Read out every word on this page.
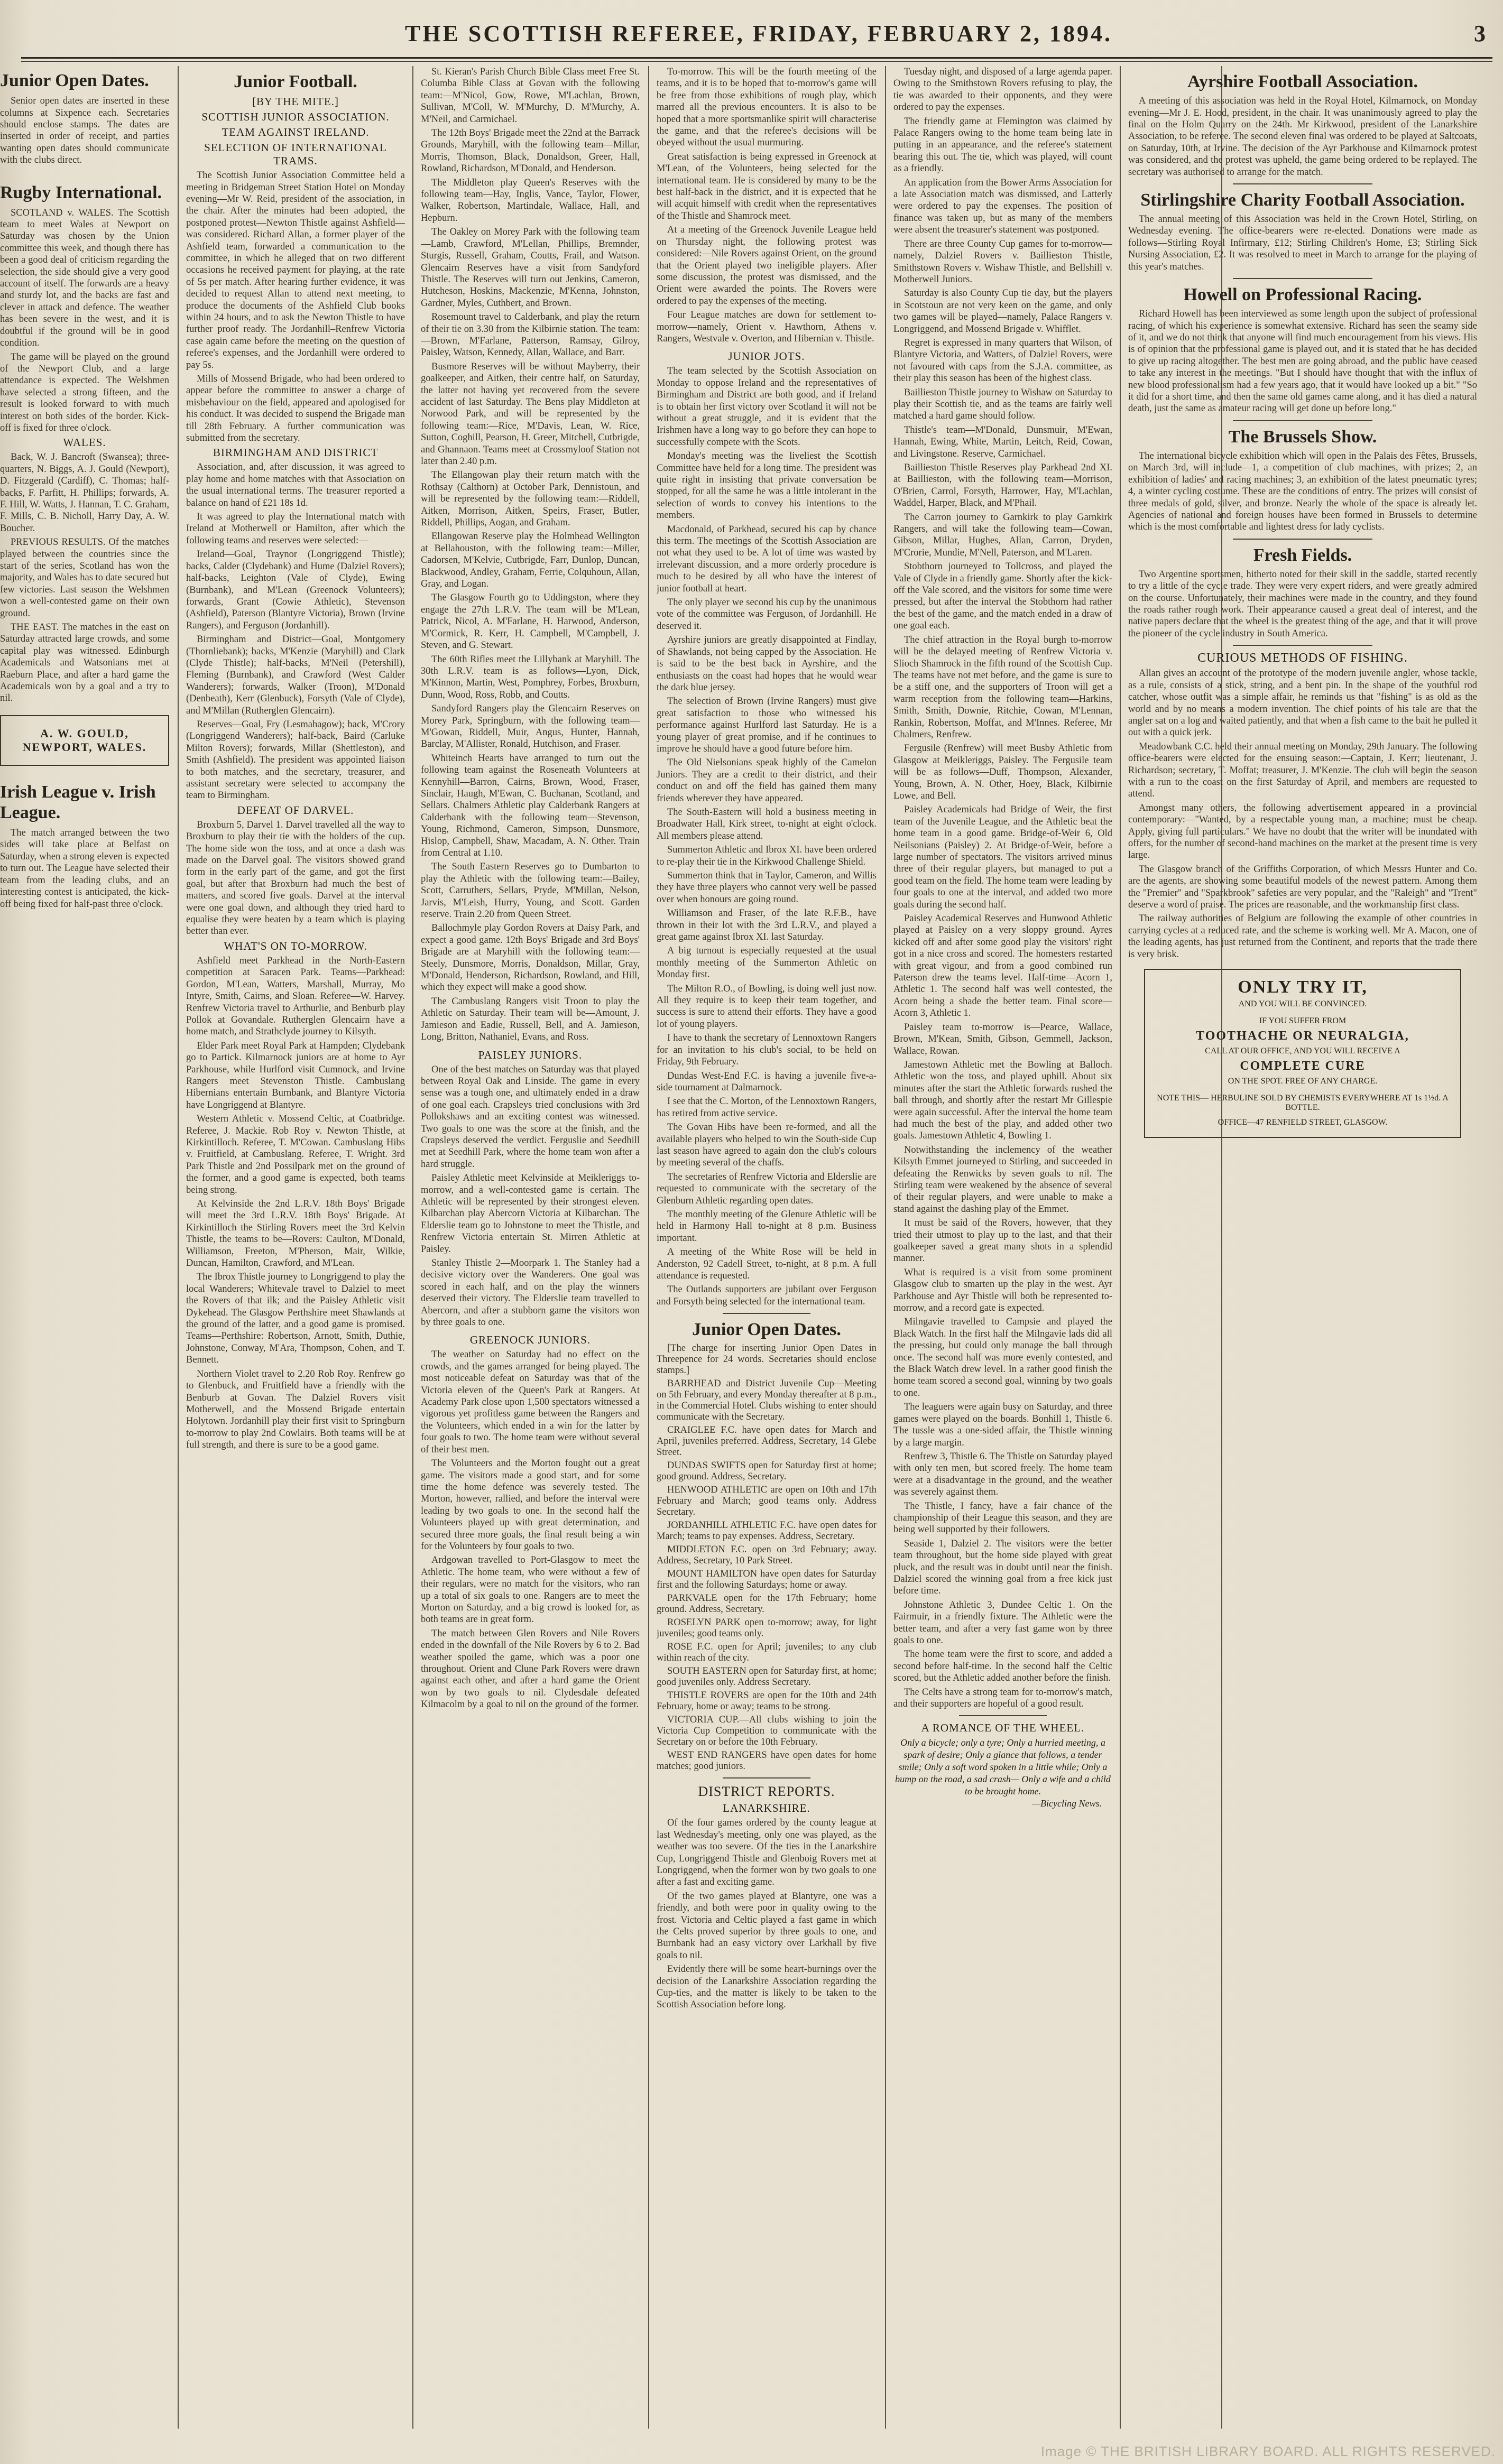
THE SCOTTISH REFEREE, FRIDAY, FEBRUARY 2, 1894.	3
Junior Open Dates.

Senior open dates are inserted in these columns at Sixpence each. Secretaries should enclose stamps. The dates are inserted in order of receipt, and parties wanting open dates should communicate with the clubs direct.

Rugby International.

SCOTLAND v. WALES. The Scottish team to meet Wales at Newport on Saturday was chosen by the Union committee this week, and though there has been a good deal of criticism regarding the selection, the side should give a very good account of itself. The forwards are a heavy and sturdy lot, and the backs are fast and clever in attack and defence. The weather has been severe in the west, and it is doubtful if the ground will be in good condition.

The game will be played on the ground of the Newport Club, and a large attendance is expected. The Welshmen have selected a strong fifteen, and the result is looked forward to with much interest on both sides of the border. Kick-off is fixed for three o'clock.

WALES.

Back, W. J. Bancroft (Swansea); three-quarters, N. Biggs, A. J. Gould (Newport), D. Fitzgerald (Cardiff), C. Thomas; half-backs, F. Parfitt, H. Phillips; forwards, A. F. Hill, W. Watts, J. Hannan, T. C. Graham, F. Mills, C. B. Nicholl, Harry Day, A. W. Boucher.

PREVIOUS RESULTS. Of the matches played between the countries since the start of the series, Scotland has won the majority, and Wales has to date secured but few victories. Last season the Welshmen won a well-contested game on their own ground.

THE EAST. The matches in the east on Saturday attracted large crowds, and some capital play was witnessed. Edinburgh Academicals and Watsonians met at Raeburn Place, and after a hard game the Academicals won by a goal and a try to nil.

A. W. GOULD, NEWPORT, WALES.
Irish League v. Irish League.

The match arranged between the two sides will take place at Belfast on Saturday, when a strong eleven is expected to turn out. The League have selected their team from the leading clubs, and an interesting contest is anticipated, the kick-off being fixed for half-past three o'clock.

Junior Football.
[BY THE MITE.]
SCOTTISH JUNIOR ASSOCIATION.
TEAM AGAINST IRELAND.
SELECTION OF INTERNATIONAL TRAMS.

The Scottish Junior Association Committee held a meeting in Bridgeman Street Station Hotel on Monday evening—Mr W. Reid, president of the association, in the chair. After the minutes had been adopted, the postponed protest—Newton Thistle against Ashfield—was considered. Richard Allan, a former player of the Ashfield team, forwarded a communication to the committee, in which he alleged that on two different occasions he received payment for playing, at the rate of 5s per match. After hearing further evidence, it was decided to request Allan to attend next meeting, to produce the documents of the Ashfield Club books within 24 hours, and to ask the Newton Thistle to have further proof ready. The Jordanhill–Renfrew Victoria case again came before the meeting on the question of referee's expenses, and the Jordanhill were ordered to pay 5s.

Mills of Mossend Brigade, who had been ordered to appear before the committee to answer a charge of misbehaviour on the field, appeared and apologised for his conduct. It was decided to suspend the Brigade man till 28th February. A further communication was submitted from the secretary.

BIRMINGHAM AND DISTRICT

Association, and, after discussion, it was agreed to play home and home matches with that Association on the usual international terms. The treasurer reported a balance on hand of £21 18s 1d.

It was agreed to play the International match with Ireland at Motherwell or Hamilton, after which the following teams and reserves were selected:—

Ireland—Goal, Traynor (Longriggend Thistle); backs, Calder (Clydebank) and Hume (Dalziel Rovers); half-backs, Leighton (Vale of Clyde), Ewing (Burnbank), and M'Lean (Greenock Volunteers); forwards, Grant (Cowie Athletic), Stevenson (Ashfield), Paterson (Blantyre Victoria), Brown (Irvine Rangers), and Ferguson (Jordanhill).

Birmingham and District—Goal, Montgomery (Thornliebank); backs, M'Kenzie (Maryhill) and Clark (Clyde Thistle); half-backs, M'Neil (Petershill), Fleming (Burnbank), and Crawford (West Calder Wanderers); forwards, Walker (Troon), M'Donald (Denbeath), Kerr (Glenbuck), Forsyth (Vale of Clyde), and M'Millan (Rutherglen Glencairn).

Reserves—Goal, Fry (Lesmahagow); back, M'Crory (Longriggend Wanderers); half-back, Baird (Carluke Milton Rovers); forwards, Millar (Shettleston), and Smith (Ashfield). The president was appointed liaison to both matches, and the secretary, treasurer, and assistant secretary were selected to accompany the team to Birmingham.

DEFEAT OF DARVEL.

Broxburn 5, Darvel 1. Darvel travelled all the way to Broxburn to play their tie with the holders of the cup. The home side won the toss, and at once a dash was made on the Darvel goal. The visitors showed grand form in the early part of the game, and got the first goal, but after that Broxburn had much the best of matters, and scored five goals. Darvel at the interval were one goal down, and although they tried hard to equalise they were beaten by a team which is playing better than ever.

WHAT'S ON TO-MORROW.

Ashfield meet Parkhead in the North-Eastern competition at Saracen Park. Teams—Parkhead: Gordon, M'Lean, Watters, Marshall, Murray, Mo Intyre, Smith, Cairns, and Sloan. Referee—W. Harvey. Renfrew Victoria travel to Arthurlie, and Benburb play Pollok at Govandale. Rutherglen Glencairn have a home match, and Strathclyde journey to Kilsyth.

Elder Park meet Royal Park at Hampden; Clydebank go to Partick. Kilmarnock juniors are at home to Ayr Parkhouse, while Hurlford visit Cumnock, and Irvine Rangers meet Stevenston Thistle. Cambuslang Hibernians entertain Burnbank, and Blantyre Victoria have Longriggend at Blantyre.

Western Athletic v. Mossend Celtic, at Coatbridge. Referee, J. Mackie. Rob Roy v. Newton Thistle, at Kirkintilloch. Referee, T. M'Cowan. Cambuslang Hibs v. Fruitfield, at Cambuslang. Referee, T. Wright. 3rd Park Thistle and 2nd Possilpark met on the ground of the former, and a good game is expected, both teams being strong.

At Kelvinside the 2nd L.R.V. 18th Boys' Brigade will meet the 3rd L.R.V. 18th Boys' Brigade. At Kirkintilloch the Stirling Rovers meet the 3rd Kelvin Thistle, the teams to be—Rovers: Caulton, M'Donald, Williamson, Freeton, M'Pherson, Mair, Wilkie, Duncan, Hamilton, Crawford, and M'Lean.

The Ibrox Thistle journey to Longriggend to play the local Wanderers; Whitevale travel to Dalziel to meet the Rovers of that ilk; and the Paisley Athletic visit Dykehead. The Glasgow Perthshire meet Shawlands at the ground of the latter, and a good game is promised. Teams—Perthshire: Robertson, Arnott, Smith, Duthie, Johnstone, Conway, M'Ara, Thompson, Cohen, and T. Bennett.

Northern Violet travel to 2.20 Rob Roy. Renfrew go to Glenbuck, and Fruitfield have a friendly with the Benburb at Govan. The Dalziel Rovers visit Motherwell, and the Mossend Brigade entertain Holytown. Jordanhill play their first visit to Springburn to-morrow to play 2nd Cowlairs. Both teams will be at full strength, and there is sure to be a good game.

St. Kieran's Parish Church Bible Class meet Free St. Columba Bible Class at Govan with the following team:—M'Nicol, Gow, Rowe, M'Lachlan, Brown, Sullivan, M'Coll, W. M'Murchy, D. M'Murchy, A. M'Neil, and Carmichael.

The 12th Boys' Brigade meet the 22nd at the Barrack Grounds, Maryhill, with the following team—Millar, Morris, Thomson, Black, Donaldson, Greer, Hall, Rowland, Richardson, M'Donald, and Henderson.

The Middleton play Queen's Reserves with the following team—Hay, Inglis, Vance, Taylor, Flower, Walker, Robertson, Martindale, Wallace, Hall, and Hepburn.

The Oakley on Morey Park with the following team—Lamb, Crawford, M'Lellan, Phillips, Bremnder, Sturgis, Russell, Graham, Coutts, Frail, and Watson. Glencairn Reserves have a visit from Sandyford Thistle. The Reserves will turn out Jenkins, Cameron, Hutcheson, Hoskins, Mackenzie, M'Kenna, Johnston, Gardner, Myles, Cuthbert, and Brown.

Rosemount travel to Calderbank, and play the return of their tie on 3.30 from the Kilbirnie station. The team:—Brown, M'Farlane, Patterson, Ramsay, Gilroy, Paisley, Watson, Kennedy, Allan, Wallace, and Barr.

Busmore Reserves will be without Mayberry, their goalkeeper, and Aitken, their centre half, on Saturday, the latter not having yet recovered from the severe accident of last Saturday. The Bens play Middleton at Norwood Park, and will be represented by the following team:—Rice, M'Davis, Lean, W. Rice, Sutton, Coghill, Pearson, H. Greer, Mitchell, Cutbrigde, and Ghannaon. Teams meet at Crossmyloof Station not later than 2.40 p.m.

The Ellangowan play their return match with the Rothsay (Calthorn) at October Park, Dennistoun, and will be represented by the following team:—Riddell, Aitken, Morrison, Aitken, Speirs, Fraser, Butler, Riddell, Phillips, Aogan, and Graham.

Ellangowan Reserve play the Holmhead Wellington at Bellahouston, with the following team:—Miller, Cadorsen, M'Kelvie, Cutbrigde, Farr, Dunlop, Duncan, Blackwood, Andley, Graham, Ferrie, Colquhoun, Allan, Gray, and Logan.

The Glasgow Fourth go to Uddingston, where they engage the 27th L.R.V. The team will be M'Lean, Patrick, Nicol, A. M'Farlane, H. Harwood, Anderson, M'Cormick, R. Kerr, H. Campbell, M'Campbell, J. Steven, and G. Stewart.

The 60th Rifles meet the Lillybank at Maryhill. The 30th L.R.V. team is as follows—Lyon, Dick, M'Kinnon, Martin, West, Pomphrey, Forbes, Broxburn, Dunn, Wood, Ross, Robb, and Coutts.

Sandyford Rangers play the Glencairn Reserves on Morey Park, Springburn, with the following team—M'Gowan, Riddell, Muir, Angus, Hunter, Hannah, Barclay, M'Allister, Ronald, Hutchison, and Fraser.

Whiteinch Hearts have arranged to turn out the following team against the Roseneath Volunteers at Kennyhill—Barron, Cairns, Brown, Wood, Fraser, Sinclair, Haugh, M'Ewan, C. Buchanan, Scotland, and Sellars. Chalmers Athletic play Calderbank Rangers at Calderbank with the following team—Stevenson, Young, Richmond, Cameron, Simpson, Dunsmore, Hislop, Campbell, Shaw, Macadam, A. N. Other. Train from Central at 1.10.

The South Eastern Reserves go to Dumbarton to play the Athletic with the following team:—Bailey, Scott, Carruthers, Sellars, Pryde, M'Millan, Nelson, Jarvis, M'Leish, Hurry, Young, and Scott. Garden reserve. Train 2.20 from Queen Street.

Ballochmyle play Gordon Rovers at Daisy Park, and expect a good game. 12th Boys' Brigade and 3rd Boys' Brigade are at Maryhill with the following team:—Steely, Dunsmore, Morris, Donaldson, Millar, Gray, M'Donald, Henderson, Richardson, Rowland, and Hill, which they expect will make a good show.

The Cambuslang Rangers visit Troon to play the Athletic on Saturday. Their team will be—Amount, J. Jamieson and Eadie, Russell, Bell, and A. Jamieson, Long, Britton, Nathaniel, Evans, and Ross.

PAISLEY JUNIORS.

One of the best matches on Saturday was that played between Royal Oak and Linside. The game in every sense was a tough one, and ultimately ended in a draw of one goal each. Crapsleys tried conclusions with 3rd Pollokshaws and an exciting contest was witnessed. Two goals to one was the score at the finish, and the Crapsleys deserved the verdict. Ferguslie and Seedhill met at Seedhill Park, where the home team won after a hard struggle.

Paisley Athletic meet Kelvinside at Meikleriggs to-morrow, and a well-contested game is certain. The Athletic will be represented by their strongest eleven. Kilbarchan play Abercorn Victoria at Kilbarchan. The Elderslie team go to Johnstone to meet the Thistle, and Renfrew Victoria entertain St. Mirren Athletic at Paisley.

Stanley Thistle 2—Moorpark 1. The Stanley had a decisive victory over the Wanderers. One goal was scored in each half, and on the play the winners deserved their victory. The Elderslie team travelled to Abercorn, and after a stubborn game the visitors won by three goals to one.

GREENOCK JUNIORS.

The weather on Saturday had no effect on the crowds, and the games arranged for being played. The most noticeable defeat on Saturday was that of the Victoria eleven of the Queen's Park at Rangers. At Academy Park close upon 1,500 spectators witnessed a vigorous yet profitless game between the Rangers and the Volunteers, which ended in a win for the latter by four goals to two. The home team were without several of their best men.

The Volunteers and the Morton fought out a great game. The visitors made a good start, and for some time the home defence was severely tested. The Morton, however, rallied, and before the interval were leading by two goals to one. In the second half the Volunteers played up with great determination, and secured three more goals, the final result being a win for the Volunteers by four goals to two.

Ardgowan travelled to Port-Glasgow to meet the Athletic. The home team, who were without a few of their regulars, were no match for the visitors, who ran up a total of six goals to one. Rangers are to meet the Morton on Saturday, and a big crowd is looked for, as both teams are in great form.

The match between Glen Rovers and Nile Rovers ended in the downfall of the Nile Rovers by 6 to 2. Bad weather spoiled the game, which was a poor one throughout. Orient and Clune Park Rovers were drawn against each other, and after a hard game the Orient won by two goals to nil. Clydesdale defeated Kilmacolm by a goal to nil on the ground of the former.

To-morrow. This will be the fourth meeting of the teams, and it is to be hoped that to-morrow's game will be free from those exhibitions of rough play, which marred all the previous encounters. It is also to be hoped that a more sportsmanlike spirit will characterise the game, and that the referee's decisions will be obeyed without the usual murmuring.

Great satisfaction is being expressed in Greenock at M'Lean, of the Volunteers, being selected for the international team. He is considered by many to be the best half-back in the district, and it is expected that he will acquit himself with credit when the representatives of the Thistle and Shamrock meet.

At a meeting of the Greenock Juvenile League held on Thursday night, the following protest was considered:—Nile Rovers against Orient, on the ground that the Orient played two ineligible players. After some discussion, the protest was dismissed, and the Orient were awarded the points. The Rovers were ordered to pay the expenses of the meeting.

Four League matches are down for settlement to-morrow—namely, Orient v. Hawthorn, Athens v. Rangers, Westvale v. Overton, and Hibernian v. Thistle.

JUNIOR JOTS.

The team selected by the Scottish Association on Monday to oppose Ireland and the representatives of Birmingham and District are both good, and if Ireland is to obtain her first victory over Scotland it will not be without a great struggle, and it is evident that the Irishmen have a long way to go before they can hope to successfully compete with the Scots.

Monday's meeting was the liveliest the Scottish Committee have held for a long time. The president was quite right in insisting that private conversation be stopped, for all the same he was a little intolerant in the selection of words to convey his intentions to the members.

Macdonald, of Parkhead, secured his cap by chance this term. The meetings of the Scottish Association are not what they used to be. A lot of time was wasted by irrelevant discussion, and a more orderly procedure is much to be desired by all who have the interest of junior football at heart.

The only player we second his cup by the unanimous vote of the committee was Ferguson, of Jordanhill. He deserved it.

Ayrshire juniors are greatly disappointed at Findlay, of Shawlands, not being capped by the Association. He is said to be the best back in Ayrshire, and the enthusiasts on the coast had hopes that he would wear the dark blue jersey.

The selection of Brown (Irvine Rangers) must give great satisfaction to those who witnessed his performance against Hurlford last Saturday. He is a young player of great promise, and if he continues to improve he should have a good future before him.

The Old Nielsonians speak highly of the Camelon Juniors. They are a credit to their district, and their conduct on and off the field has gained them many friends wherever they have appeared.

The South-Eastern will hold a business meeting in Broadwater Hall, Kirk street, to-night at eight o'clock. All members please attend.

Summerton Athletic and Ibrox XI. have been ordered to re-play their tie in the Kirkwood Challenge Shield.

Summerton think that in Taylor, Cameron, and Willis they have three players who cannot very well be passed over when honours are going round.

Williamson and Fraser, of the late R.F.B., have thrown in their lot with the 3rd L.R.V., and played a great game against Ibrox XI. last Saturday.

A big turnout is especially requested at the usual monthly meeting of the Summerton Athletic on Monday first.

The Milton R.O., of Bowling, is doing well just now. All they require is to keep their team together, and success is sure to attend their efforts. They have a good lot of young players.

I have to thank the secretary of Lennoxtown Rangers for an invitation to his club's social, to be held on Friday, 9th February.

Dundas West-End F.C. is having a juvenile five-a-side tournament at Dalmarnock.

I see that the C. Morton, of the Lennoxtown Rangers, has retired from active service.

The Govan Hibs have been re-formed, and all the available players who helped to win the South-side Cup last season have agreed to again don the club's colours by meeting several of the chaffs.

The secretaries of Renfrew Victoria and Elderslie are requested to communicate with the secretary of the Glenburn Athletic regarding open dates.

The monthly meeting of the Glenure Athletic will be held in Harmony Hall to-night at 8 p.m. Business important.

A meeting of the White Rose will be held in Anderston, 92 Cadell Street, to-night, at 8 p.m. A full attendance is requested.

The Outlands supporters are jubilant over Ferguson and Forsyth being selected for the international team.

Junior Open Dates.

[The charge for inserting Junior Open Dates in Threepence for 24 words. Secretaries should enclose stamps.]

BARRHEAD and District Juvenile Cup—Meeting on 5th February, and every Monday thereafter at 8 p.m., in the Commercial Hotel. Clubs wishing to enter should communicate with the Secretary.

CRAIGLEE F.C. have open dates for March and April, juveniles preferred. Address, Secretary, 14 Glebe Street.

DUNDAS SWIFTS open for Saturday first at home; good ground. Address, Secretary.

HENWOOD ATHLETIC are open on 10th and 17th February and March; good teams only. Address Secretary.

JORDANHILL ATHLETIC F.C. have open dates for March; teams to pay expenses. Address, Secretary.

MIDDLETON F.C. open on 3rd February; away. Address, Secretary, 10 Park Street.

MOUNT HAMILTON have open dates for Saturday first and the following Saturdays; home or away.

PARKVALE open for the 17th February; home ground. Address, Secretary.

ROSELYN PARK open to-morrow; away, for light juveniles; good teams only.

ROSE F.C. open for April; juveniles; to any club within reach of the city.

SOUTH EASTERN open for Saturday first, at home; good juveniles only. Address Secretary.

THISTLE ROVERS are open for the 10th and 24th February, home or away; teams to be strong.

VICTORIA CUP.—All clubs wishing to join the Victoria Cup Competition to communicate with the Secretary on or before the 10th February.

WEST END RANGERS have open dates for home matches; good juniors.

DISTRICT REPORTS.
LANARKSHIRE.

Of the four games ordered by the county league at last Wednesday's meeting, only one was played, as the weather was too severe. Of the ties in the Lanarkshire Cup, Longriggend Thistle and Glenboig Rovers met at Longriggend, when the former won by two goals to one after a fast and exciting game.

Of the two games played at Blantyre, one was a friendly, and both were poor in quality owing to the frost. Victoria and Celtic played a fast game in which the Celts proved superior by three goals to one, and Burnbank had an easy victory over Larkhall by five goals to nil.

Evidently there will be some heart-burnings over the decision of the Lanarkshire Association regarding the Cup-ties, and the matter is likely to be taken to the Scottish Association before long.

Tuesday night, and disposed of a large agenda paper. Owing to the Smithstown Rovers refusing to play, the tie was awarded to their opponents, and they were ordered to pay the expenses.

The friendly game at Flemington was claimed by Palace Rangers owing to the home team being late in putting in an appearance, and the referee's statement bearing this out. The tie, which was played, will count as a friendly.

An application from the Bower Arms Association for a late Association match was dismissed, and Latterly were ordered to pay the expenses. The position of finance was taken up, but as many of the members were absent the treasurer's statement was postponed.

There are three County Cup games for to-morrow—namely, Dalziel Rovers v. Baillieston Thistle, Smithstown Rovers v. Wishaw Thistle, and Bellshill v. Motherwell Juniors.

Saturday is also County Cup tie day, but the players in Scotstoun are not very keen on the game, and only two games will be played—namely, Palace Rangers v. Longriggend, and Mossend Brigade v. Whifflet.

Regret is expressed in many quarters that Wilson, of Blantyre Victoria, and Watters, of Dalziel Rovers, were not favoured with caps from the S.J.A. committee, as their play this season has been of the highest class.

Baillieston Thistle journey to Wishaw on Saturday to play their Scottish tie, and as the teams are fairly well matched a hard game should follow.

Thistle's team—M'Donald, Dunsmuir, M'Ewan, Hannah, Ewing, White, Martin, Leitch, Reid, Cowan, and Livingstone. Reserve, Carmichael.

Baillieston Thistle Reserves play Parkhead 2nd XI. at Baillieston, with the following team—Morrison, O'Brien, Carrol, Forsyth, Harrower, Hay, M'Lachlan, Waddel, Harper, Black, and M'Phail.

The Carron journey to Garnkirk to play Garnkirk Rangers, and will take the following team—Cowan, Gibson, Millar, Hughes, Allan, Carron, Dryden, M'Crorie, Mundie, M'Nell, Paterson, and M'Laren.

Stobthorn journeyed to Tollcross, and played the Vale of Clyde in a friendly game. Shortly after the kick-off the Vale scored, and the visitors for some time were pressed, but after the interval the Stobthorn had rather the best of the game, and the match ended in a draw of one goal each.

The chief attraction in the Royal burgh to-morrow will be the delayed meeting of Renfrew Victoria v. Slioch Shamrock in the fifth round of the Scottish Cup. The teams have not met before, and the game is sure to be a stiff one, and the supporters of Troon will get a warm reception from the following team—Harkins, Smith, Smith, Downie, Ritchie, Cowan, M'Lennan, Rankin, Robertson, Moffat, and M'Innes. Referee, Mr Chalmers, Renfrew.

Fergusile (Renfrew) will meet Busby Athletic from Glasgow at Meikleriggs, Paisley. The Fergusile team will be as follows—Duff, Thompson, Alexander, Young, Brown, A. N. Other, Hoey, Black, Kilbirnie Lowe, and Bell.

Paisley Academicals had Bridge of Weir, the first team of the Juvenile League, and the Athletic beat the home team in a good game. Bridge-of-Weir 6, Old Neilsonians (Paisley) 2. At Bridge-of-Weir, before a large number of spectators. The visitors arrived minus three of their regular players, but managed to put a good team on the field. The home team were leading by four goals to one at the interval, and added two more goals during the second half.

Paisley Academical Reserves and Hunwood Athletic played at Paisley on a very sloppy ground. Ayres kicked off and after some good play the visitors' right got in a nice cross and scored. The homesters restarted with great vigour, and from a good combined run Paterson drew the teams level. Half-time—Acorn 1, Athletic 1. The second half was well contested, the Acorn being a shade the better team. Final score—Acorn 3, Athletic 1.

Paisley team to-morrow is—Pearce, Wallace, Brown, M'Kean, Smith, Gibson, Gemmell, Jackson, Wallace, Rowan.

Jamestown Athletic met the Bowling at Balloch. Athletic won the toss, and played uphill. About six minutes after the start the Athletic forwards rushed the ball through, and shortly after the restart Mr Gillespie were again successful. After the interval the home team had much the best of the play, and added other two goals. Jamestown Athletic 4, Bowling 1.

Notwithstanding the inclemency of the weather Kilsyth Emmet journeyed to Stirling, and succeeded in defeating the Renwicks by seven goals to nil. The Stirling team were weakened by the absence of several of their regular players, and were unable to make a stand against the dashing play of the Emmet.

It must be said of the Rovers, however, that they tried their utmost to play up to the last, and that their goalkeeper saved a great many shots in a splendid manner.

What is required is a visit from some prominent Glasgow club to smarten up the play in the west. Ayr Parkhouse and Ayr Thistle will both be represented to-morrow, and a record gate is expected.

Milngavie travelled to Campsie and played the Black Watch. In the first half the Milngavie lads did all the pressing, but could only manage the ball through once. The second half was more evenly contested, and the Black Watch drew level. In a rather good finish the home team scored a second goal, winning by two goals to one.

The leaguers were again busy on Saturday, and three games were played on the boards. Bonhill 1, Thistle 6. The tussle was a one-sided affair, the Thistle winning by a large margin.

Renfrew 3, Thistle 6. The Thistle on Saturday played with only ten men, but scored freely. The home team were at a disadvantage in the ground, and the weather was severely against them.

The Thistle, I fancy, have a fair chance of the championship of their League this season, and they are being well supported by their followers.

Seaside 1, Dalziel 2. The visitors were the better team throughout, but the home side played with great pluck, and the result was in doubt until near the finish. Dalziel scored the winning goal from a free kick just before time.

Johnstone Athletic 3, Dundee Celtic 1. On the Fairmuir, in a friendly fixture. The Athletic were the better team, and after a very fast game won by three goals to one.

The home team were the first to score, and added a second before half-time. In the second half the Celtic scored, but the Athletic added another before the finish.

The Celts have a strong team for to-morrow's match, and their supporters are hopeful of a good result.

A ROMANCE OF THE WHEEL.
Only a bicycle; only a tyre; Only a hurried meeting, a spark of desire; Only a glance that follows, a tender smile; Only a soft word spoken in a little while; Only a bump on the road, a sad crash— Only a wife and a child to be brought home.
—Bicycling News.
Ayrshire Football Association.

A meeting of this association was held in the Royal Hotel, Kilmarnock, on Monday evening—Mr J. E. Hood, president, in the chair. It was unanimously agreed to play the final on the Holm Quarry on the 24th. Mr Kirkwood, president of the Lanarkshire Association, to be referee. The second eleven final was ordered to be played at Saltcoats, on Saturday, 10th, at Irvine. The decision of the Ayr Parkhouse and Kilmarnock protest was considered, and the protest was upheld, the game being ordered to be replayed. The secretary was authorised to arrange for the match.

Stirlingshire Charity Football Association.

The annual meeting of this Association was held in the Crown Hotel, Stirling, on Wednesday evening. The office-bearers were re-elected. Donations were made as follows—Stirling Royal Infirmary, £12; Stirling Children's Home, £3; Stirling Sick Nursing Association, £2. It was resolved to meet in March to arrange for the playing of this year's matches.

Howell on Professional Racing.

Richard Howell has been interviewed as some length upon the subject of professional racing, of which his experience is somewhat extensive. Richard has seen the seamy side of it, and we do not think that anyone will find much encouragement from his views. His is of opinion that the professional game is played out, and it is stated that he has decided to give up racing altogether. The best men are going abroad, and the public have ceased to take any interest in the meetings. "But I should have thought that with the influx of new blood professionalism had a few years ago, that it would have looked up a bit." "So it did for a short time, and then the same old games came along, and it has died a natural death, just the same as amateur racing will get done up before long."

The Brussels Show.

The international bicycle exhibition which will open in the Palais des Fêtes, Brussels, on March 3rd, will include—1, a competition of club machines, with prizes; 2, an exhibition of ladies' and racing machines; 3, an exhibition of the latest pneumatic tyres; 4, a winter cycling costume. These are the conditions of entry. The prizes will consist of three medals of gold, silver, and bronze. Nearly the whole of the space is already let. Agencies of national and foreign houses have been formed in Brussels to determine which is the most comfortable and lightest dress for lady cyclists.

Fresh Fields.

Two Argentine sportsmen, hitherto noted for their skill in the saddle, started recently to try a little of the cycle trade. They were very expert riders, and were greatly admired on the course. Unfortunately, their machines were made in the country, and they found the roads rather rough work. Their appearance caused a great deal of interest, and the native papers declare that the wheel is the greatest thing of the age, and that it will prove the pioneer of the cycle industry in South America.

CURIOUS METHODS OF FISHING.

Allan gives an account of the prototype of the modern juvenile angler, whose tackle, as a rule, consists of a stick, string, and a bent pin. In the shape of the youthful rod catcher, whose outfit was a simple affair, he reminds us that "fishing" is as old as the world and by no means a modern invention. The chief points of his tale are that the angler sat on a log and waited patiently, and that when a fish came to the bait he pulled it out with a quick jerk.

Meadowbank C.C. held their annual meeting on Monday, 29th January. The following office-bearers were elected for the ensuing season:—Captain, J. Kerr; lieutenant, J. Richardson; secretary, T. Moffat; treasurer, J. M'Kenzie. The club will begin the season with a run to the coast on the first Saturday of April, and members are requested to attend.

Amongst many others, the following advertisement appeared in a provincial contemporary:—"Wanted, by a respectable young man, a machine; must be cheap. Apply, giving full particulars." We have no doubt that the writer will be inundated with offers, for the number of second-hand machines on the market at the present time is very large.

The Glasgow branch of the Griffiths Corporation, of which Messrs Hunter and Co. are the agents, are showing some beautiful models of the newest pattern. Among them the "Premier" and "Sparkbrook" safeties are very popular, and the "Raleigh" and "Trent" deserve a word of praise. The prices are reasonable, and the workmanship first class.

The railway authorities of Belgium are following the example of other countries in carrying cycles at a reduced rate, and the scheme is working well. Mr A. Macon, one of the leading agents, has just returned from the Continent, and reports that the trade there is very brisk.

ONLY TRY IT,
AND YOU WILL BE CONVINCED.
IF YOU SUFFER FROM
TOOTHACHE OR NEURALGIA,
CALL AT OUR OFFICE, AND YOU WILL RECEIVE A
COMPLETE CURE
ON THE SPOT. FREE OF ANY CHARGE.
NOTE THIS— HERBULINE SOLD BY CHEMISTS EVERYWHERE AT 1s 1½d. A BOTTLE.
OFFICE—47 RENFIELD STREET, GLASGOW.
Image © THE BRITISH LIBRARY BOARD. ALL RIGHTS RESERVED.
